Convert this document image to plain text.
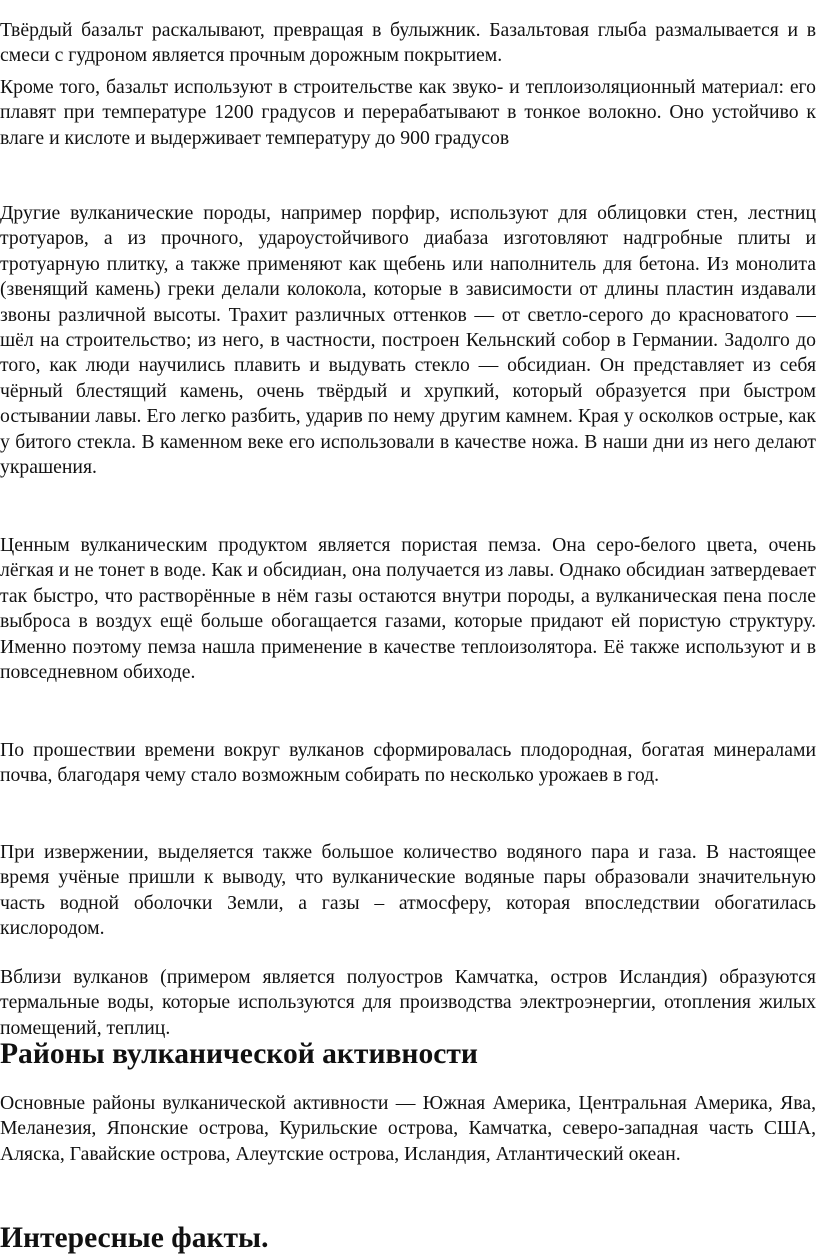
Твёрдый базальт раскалывают, превращая в булыжник. Базальтовая глыба размалывается и в смеси с гудроном является прочным дорожным покрытием.

Кроме того, базальт используют в строительстве как звуко- и теплоизоляционный материал: его плавят при температуре 1200 градусов и перерабатывают в тонкое волокно. Оно устойчиво к влаге и кислоте и выдерживает температуру до 900 градусов

Другие вулканические породы, например порфир, используют для облицовки стен, лестниц тротуаров, а из прочного, удароустойчивого диабаза изготовляют надгробные плиты и тротуарную плитку, а также применяют как щебень или наполнитель для бетона. Из монолита (звенящий камень) греки делали колокола, которые в зависимости от длины пластин издавали звоны различной высоты. Трахит различных оттенков — от светло-серого до красноватого — шёл на строительство; из него, в частности, построен Кельнский собор в Германии. Задолго до того, как люди научились плавить и выдувать стекло — обсидиан. Он представляет из себя чёрный блестящий камень, очень твёрдый и хрупкий, который образуется при быстром остывании лавы. Его легко разбить, ударив по нему другим камнем. Края у осколков острые, как у битого стекла. В каменном веке его использовали в качестве ножа. В наши дни из него делают украшения.

Ценным вулканическим продуктом является пористая пемза. Она серо-белого цвета, очень лёгкая и не тонет в воде. Как и обсидиан, она получается из лавы. Однако обсидиан затвердевает так быстро, что растворённые в нём газы остаются внутри породы, а вулканическая пена после выброса в воздух ещё больше обогащается газами, которые придают ей пористую структуру. Именно поэтому пемза нашла применение в качестве теплоизолятора. Её также используют и в повседневном обиходе.

По прошествии времени вокруг вулканов сформировалась плодородная, богатая минералами почва, благодаря чему стало возможным собирать по несколько урожаев в год.

При извержении, выделяется также большое количество водяного пара и газа. В настоящее время учёные пришли к выводу, что вулканические водяные пары образовали значительную часть водной оболочки Земли, а газы – атмосферу, которая впоследствии обогатилась кислородом.

Вблизи вулканов (примером является полуостров Камчатка, остров Исландия) образуются термальные воды, которые используются для производства электроэнергии, отопления жилых помещений, теплиц.

Районы вулканической активности

Основные районы вулканической активности — Южная Америка, Центральная Америка, Ява, Меланезия, Японские острова, Курильские острова, Камчатка, северо-западная часть США, Аляска, Гавайские острова, Алеутские острова, Исландия, Атлантический океан.

Интересные факты.
